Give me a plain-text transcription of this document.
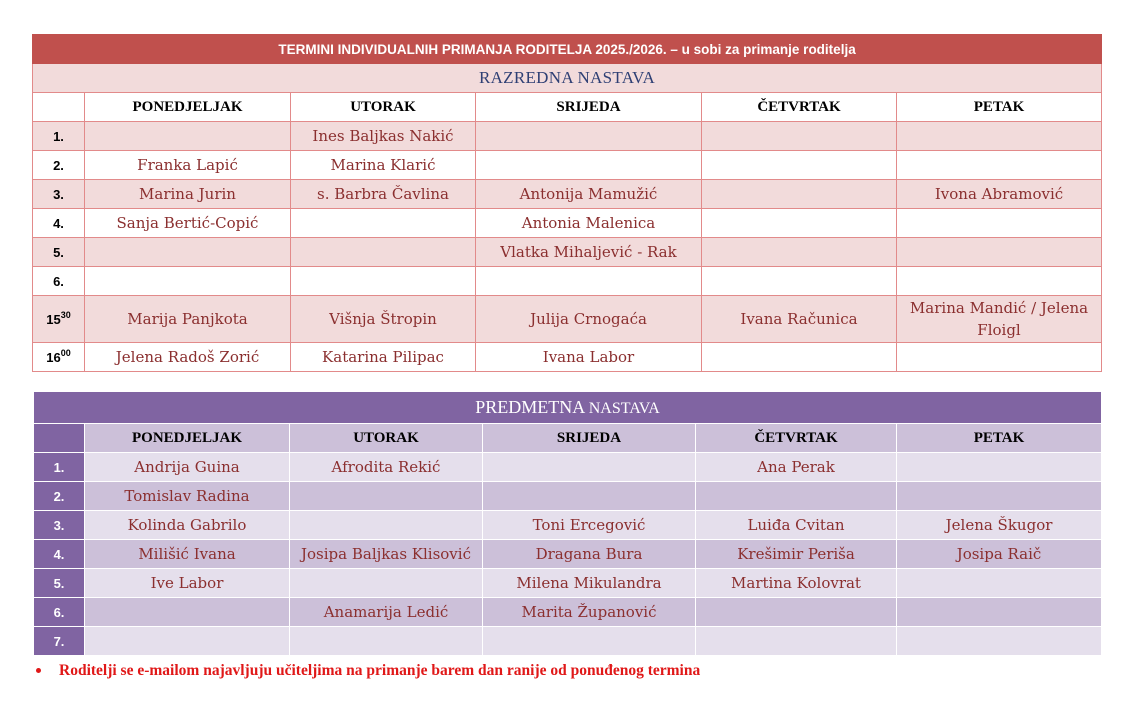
TERMINI INDIVIDUALNIH PRIMANJA RODITELJA 2025./2026. – u sobi za primanje roditelja					
RAZREDNA NASTAVA					
	PONEDJELJAK	UTORAK	SRIJEDA	ČETVRTAK	PETAK
1.		Ines Baljkas Nakić			
2.	Franka Lapić	Marina Klarić			
3.	Marina Jurin	s. Barbra Čavlina	Antonija Mamužić		Ivona Abramović
4.	Sanja Bertić-Copić		Antonia Malenica		
5.			Vlatka Mihaljević - Rak		
6.					
$15^{30}$	Marija Panjkota	Višnja Štropin	Julija Crnogaća	Ivana Računica	Marina Mandić / Jelena Floigl
$16^{00}$	Jelena Radoš Zorić	Katarina Pilipac	Ivana Labor		
PREDMETNA NASTAVA					
	PONEDJELJAK	UTORAK	SRIJEDA	ČETVRTAK	PETAK
1.	Andrija Guina	Afrodita Rekić		Ana Perak	
2.	Tomislav Radina				
3.	Kolinda Gabrilo		Toni Ercegović	Luiđa Cvitan	Jelena Škugor
4.	Milišić Ivana	Josipa Baljkas Klisović	Dragana Bura	Krešimir Periša	Josipa Raič
5.	Ive Labor		Milena Mikulandra	Martina Kolovrat	
6.		Anamarija Ledić	Marita Županović		
7.					
Roditelji se e-mailom najavljuju učiteljima na primanje barem dan ranije od ponuđenog termina
